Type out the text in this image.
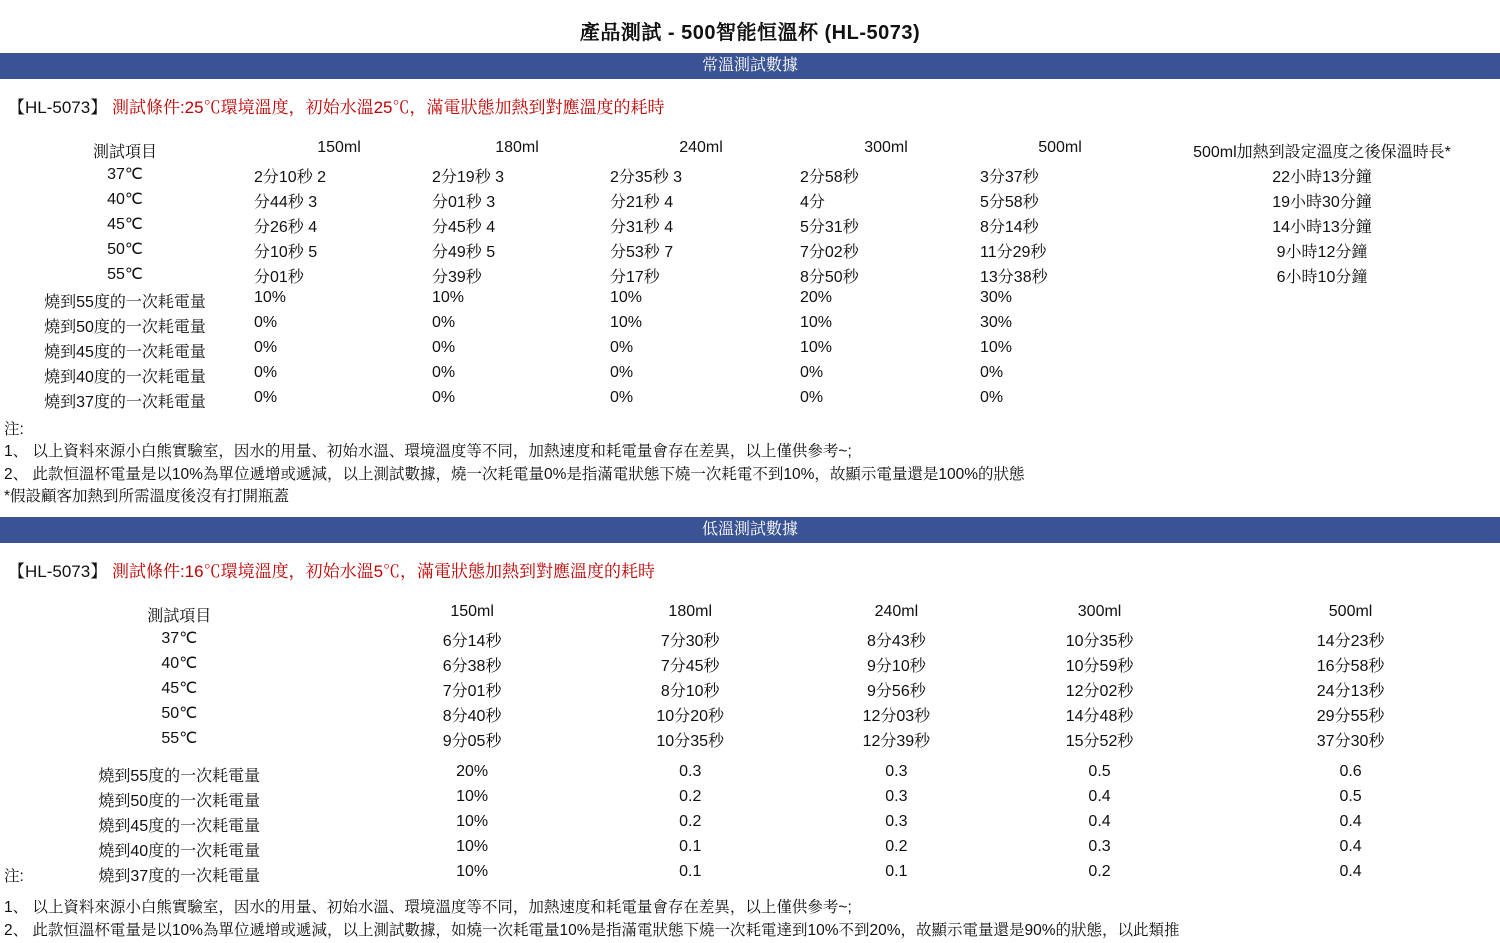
產品測試 - 500智能恒溫杯 (HL-5073)
常溫測試數據
【HL-5073】 測試條件:25℃環境溫度，初始水溫25℃，滿電狀態加熱到對應溫度的耗時
測試項目	150ml	180ml	240ml	300ml	500ml	500ml加熱到設定溫度之後保溫時長*
37℃	2分10秒 2	2分19秒 3	2分35秒 3	2分58秒	3分37秒	22小時13分鐘
40℃	分44秒 3	分01秒 3	分21秒 4	4分	5分58秒	19小時30分鐘
45℃	分26秒 4	分45秒 4	分31秒 4	5分31秒	8分14秒	14小時13分鐘
50℃	分10秒 5	分49秒 5	分53秒 7	7分02秒	11分29秒	9小時12分鐘
55℃	分01秒	分39秒	分17秒	8分50秒	13分38秒	6小時10分鐘
燒到55度的一次耗電量	10%	10%	10%	20%	30%	
燒到50度的一次耗電量	0%	0%	10%	10%	30%	
燒到45度的一次耗電量	0%	0%	0%	10%	10%	
燒到40度的一次耗電量	0%	0%	0%	0%	0%	
燒到37度的一次耗電量	0%	0%	0%	0%	0%	
注:
1、 以上資料來源小白熊實驗室，因水的用量、初始水溫、環境溫度等不同，加熱速度和耗電量會存在差異，以上僅供參考~;
2、 此款恒溫杯電量是以10%為單位遞增或遞減，以上測試數據，燒一次耗電量0%是指滿電狀態下燒一次耗電不到10%，故顯示電量還是100%的狀態
*假設顧客加熱到所需溫度後沒有打開瓶蓋
低溫測試數據
【HL-5073】 測試條件:16℃環境溫度，初始水溫5℃，滿電狀態加熱到對應溫度的耗時
測試項目	150ml	180ml	240ml	300ml	500ml
37℃	6分14秒	7分30秒	8分43秒	10分35秒	14分23秒
40℃	6分38秒	7分45秒	9分10秒	10分59秒	16分58秒
45℃	7分01秒	8分10秒	9分56秒	12分02秒	24分13秒
50℃	8分40秒	10分20秒	12分03秒	14分48秒	29分55秒
55℃	9分05秒	10分35秒	12分39秒	15分52秒	37分30秒

燒到55度的一次耗電量	20%	0.3	0.3	0.5	0.6
燒到50度的一次耗電量	10%	0.2	0.3	0.4	0.5
燒到45度的一次耗電量	10%	0.2	0.3	0.4	0.4
燒到40度的一次耗電量	10%	0.1	0.2	0.3	0.4
燒到37度的一次耗電量	10%	0.1	0.1	0.2	0.4
注:
1、 以上資料來源小白熊實驗室，因水的用量、初始水溫、環境溫度等不同，加熱速度和耗電量會存在差異，以上僅供參考~;
2、 此款恒溫杯電量是以10%為單位遞增或遞減，以上測試數據，如燒一次耗電量10%是指滿電狀態下燒一次耗電達到10%不到20%，故顯示電量還是90%的狀態，以此類推
